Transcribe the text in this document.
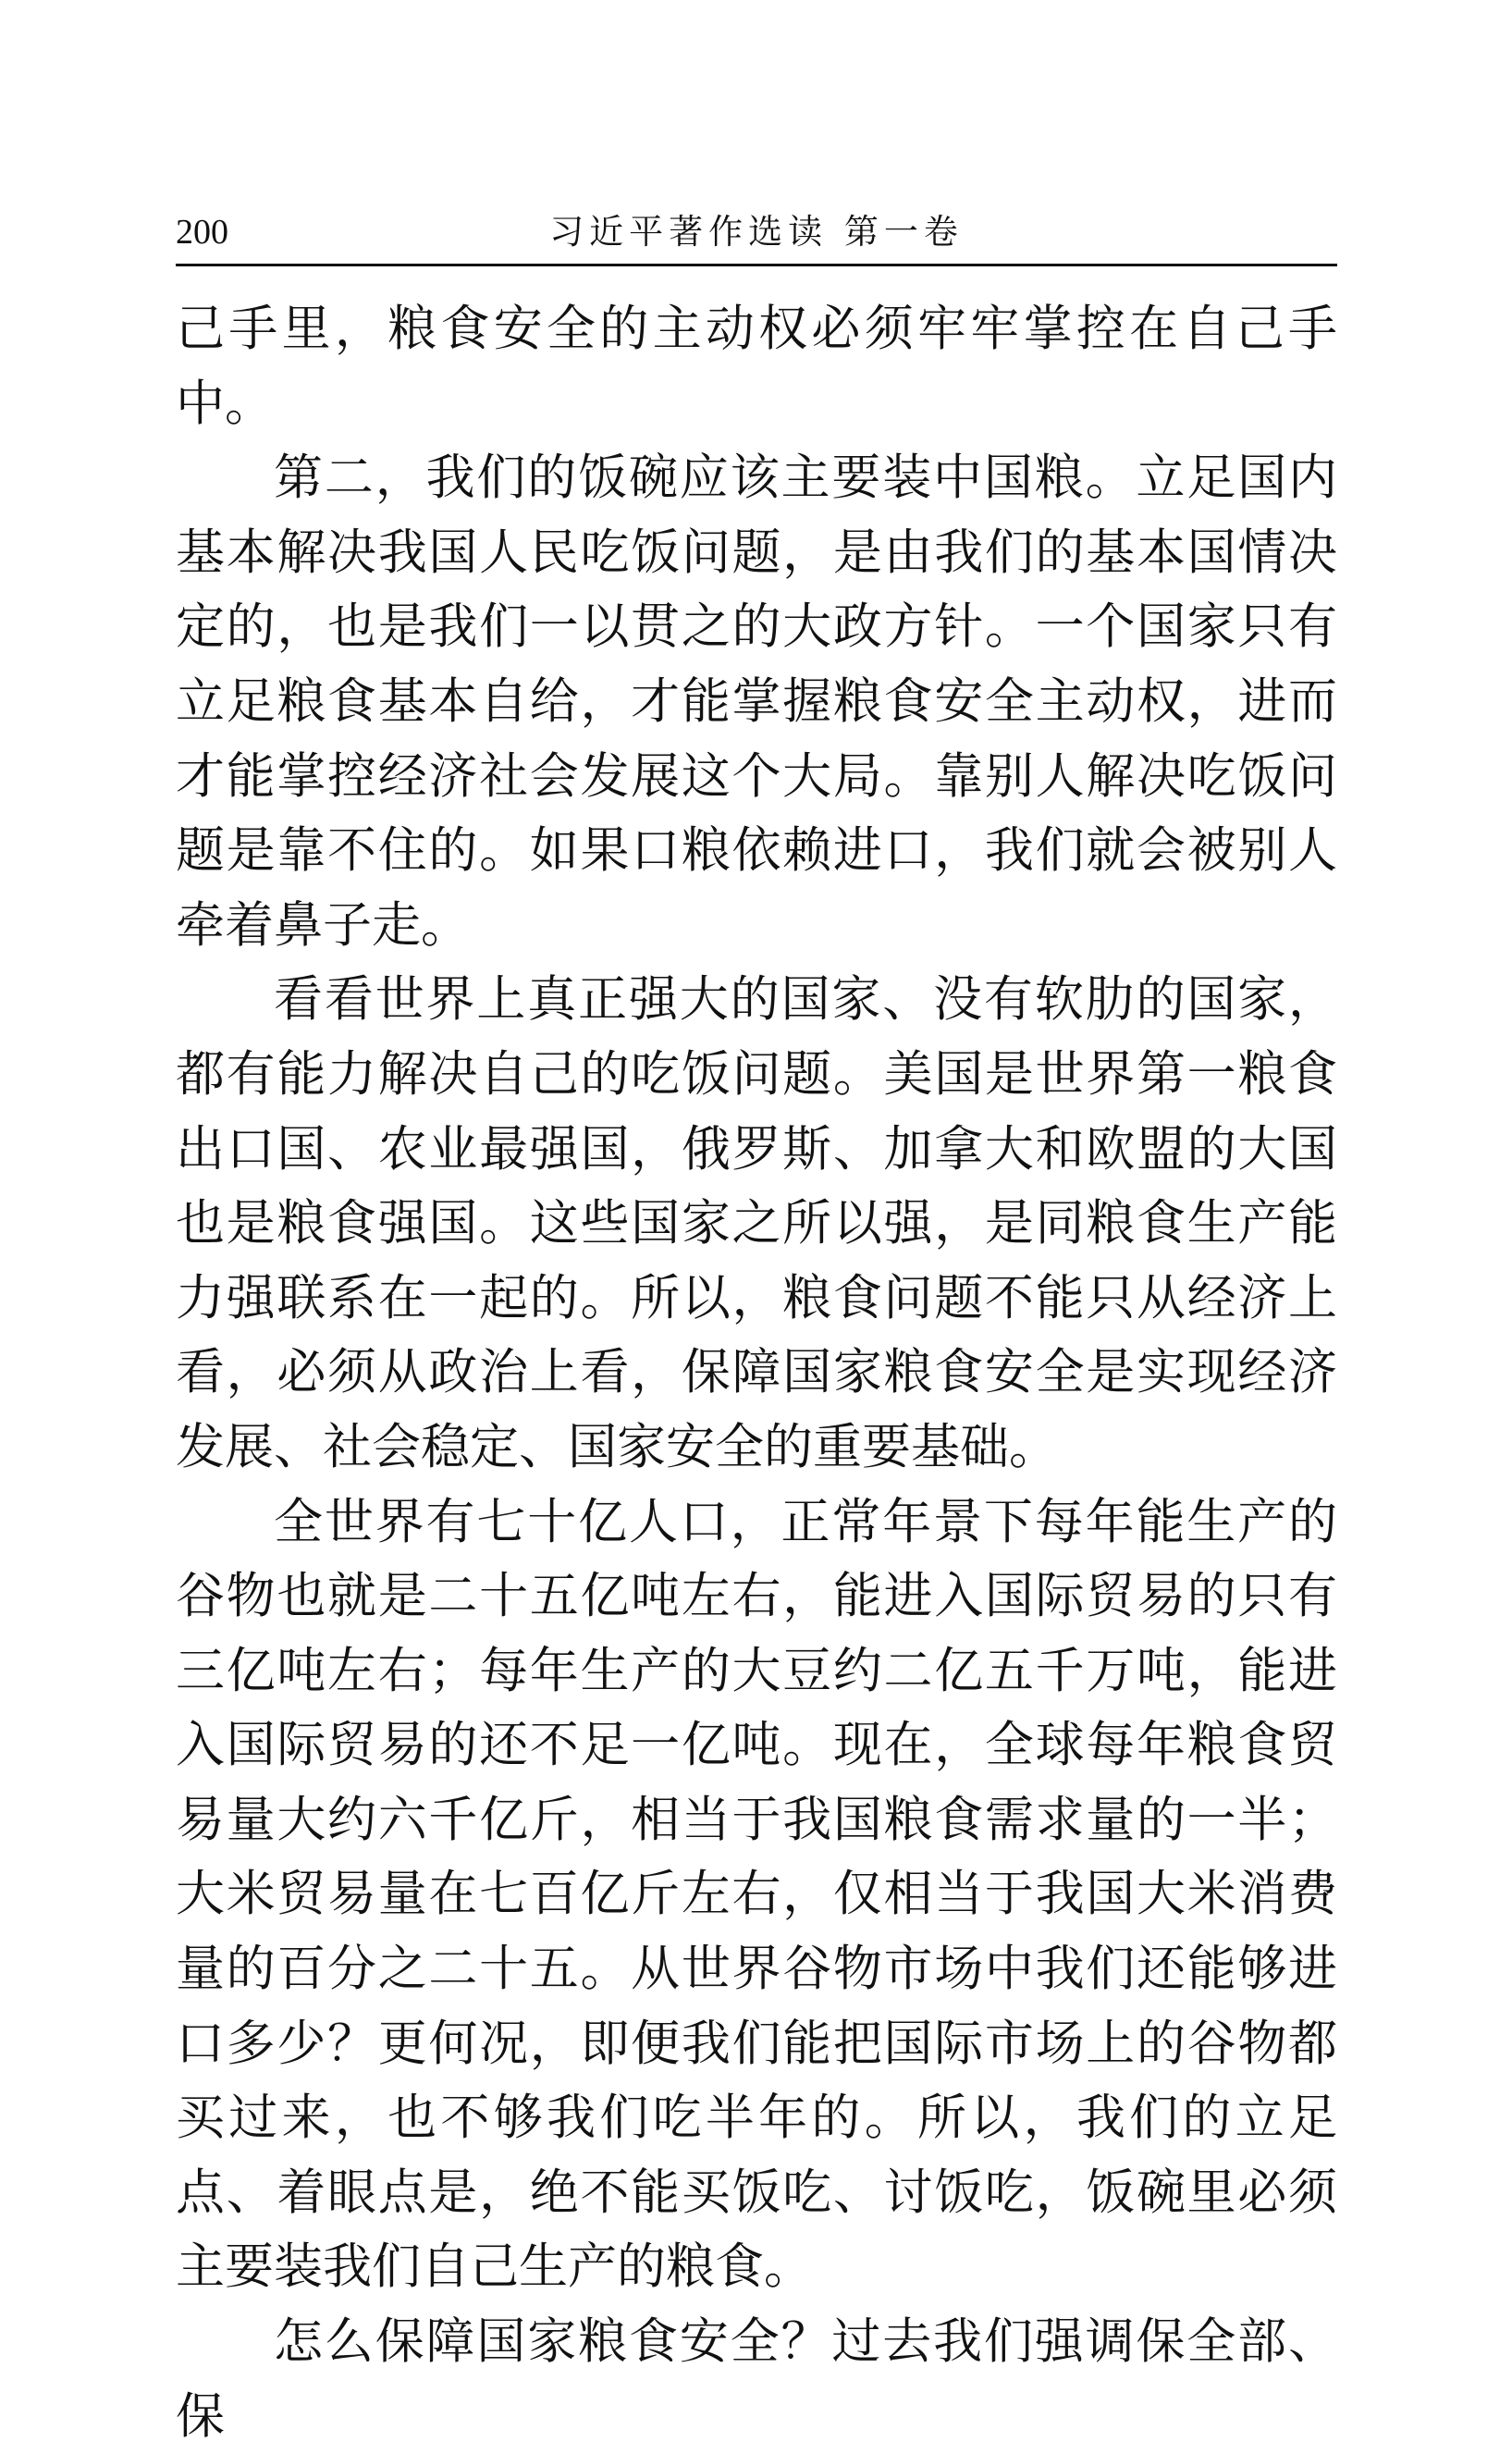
200	习近平著作选读 第一卷

己手里，粮食安全的主动权必须牢牢掌控在自己手中。

第二，我们的饭碗应该主要装中国粮。立足国内基本解决我国人民吃饭问题，是由我们的基本国情决定的，也是我们一以贯之的大政方针。一个国家只有立足粮食基本自给，才能掌握粮食安全主动权，进而才能掌控经济社会发展这个大局。靠别人解决吃饭问题是靠不住的。如果口粮依赖进口，我们就会被别人牵着鼻子走。

看看世界上真正强大的国家、没有软肋的国家，都有能力解决自己的吃饭问题。美国是世界第一粮食出口国、农业最强国，俄罗斯、加拿大和欧盟的大国也是粮食强国。这些国家之所以强，是同粮食生产能力强联系在一起的。所以，粮食问题不能只从经济上看，必须从政治上看，保障国家粮食安全是实现经济发展、社会稳定、国家安全的重要基础。

全世界有七十亿人口，正常年景下每年能生产的谷物也就是二十五亿吨左右，能进入国际贸易的只有三亿吨左右；每年生产的大豆约二亿五千万吨，能进入国际贸易的还不足一亿吨。现在，全球每年粮食贸易量大约六千亿斤，相当于我国粮食需求量的一半；大米贸易量在七百亿斤左右，仅相当于我国大米消费量的百分之二十五。从世界谷物市场中我们还能够进口多少？更何况，即便我们能把国际市场上的谷物都买过来，也不够我们吃半年的。所以，我们的立足点、着眼点是，绝不能买饭吃、讨饭吃，饭碗里必须主要装我们自己生产的粮食。

怎么保障国家粮食安全？过去我们强调保全部、保
